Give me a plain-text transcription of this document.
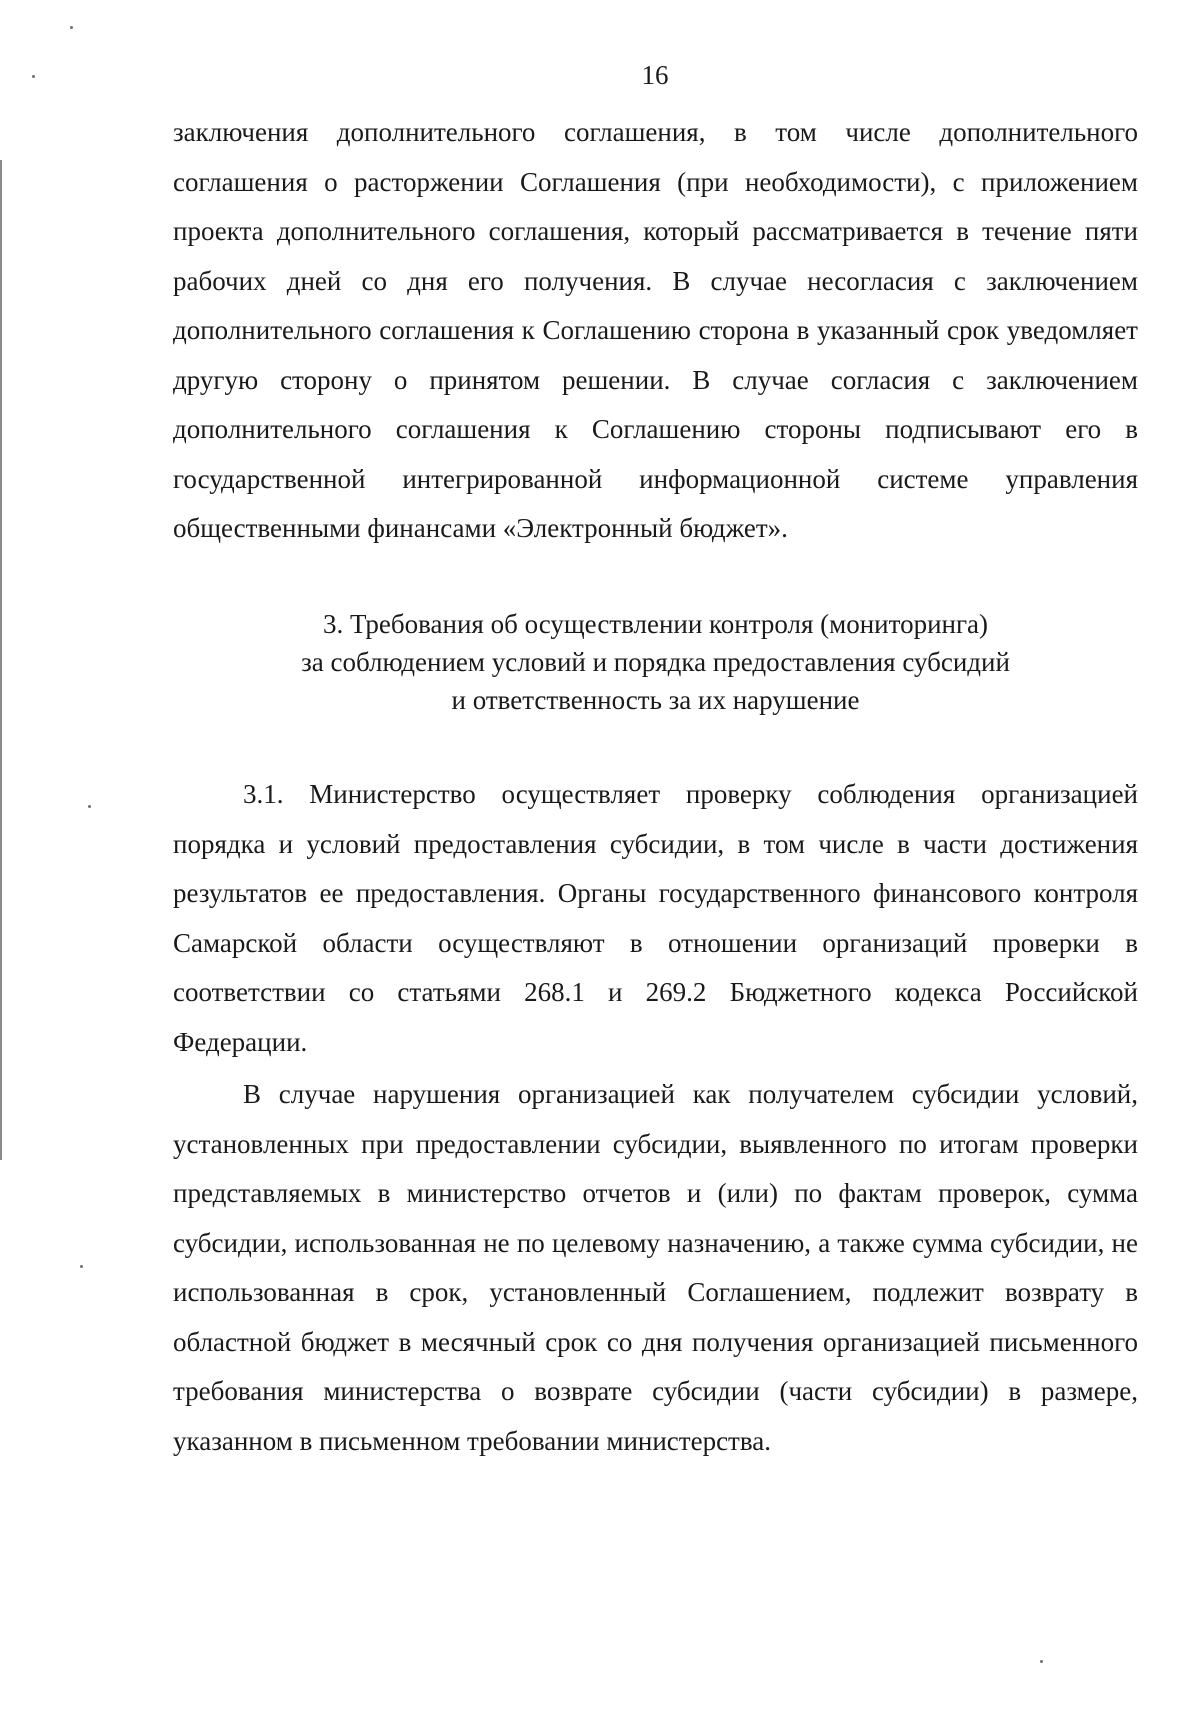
16

заключения дополнительного соглашения, в том числе дополнительного соглашения о расторжении Соглашения (при необходимости), с приложением проекта дополнительного соглашения, который рассматривается в течение пяти рабочих дней со дня его получения. В случае несогласия с заключением дополнительного соглашения к Соглашению сторона в указанный срок уведомляет другую сторону о принятом решении. В случае согласия с заключением дополнительного соглашения к Соглашению стороны подписывают его в государственной интегрированной информационной системе управления общественными финансами «Электронный бюджет».

3. Требования об осуществлении контроля (мониторинга)
за соблюдением условий и порядка предоставления субсидий
и ответственность за их нарушение

3.1. Министерство осуществляет проверку соблюдения организацией порядка и условий предоставления субсидии, в том числе в части достижения результатов ее предоставления. Органы государственного финансового контроля Самарской области осуществляют в отношении организаций проверки в соответствии со статьями 268.1 и 269.2 Бюджетного кодекса Российской Федерации.

В случае нарушения организацией как получателем субсидии условий, установленных при предоставлении субсидии, выявленного по итогам проверки представляемых в министерство отчетов и (или) по фактам проверок, сумма субсидии, использованная не по целевому назначению, а также сумма субсидии, не использованная в срок, установленный Соглашением, подлежит возврату в областной бюджет в месячный срок со дня получения организацией письменного требования министерства о возврате субсидии (части субсидии) в размере, указанном в письменном требовании министерства.
